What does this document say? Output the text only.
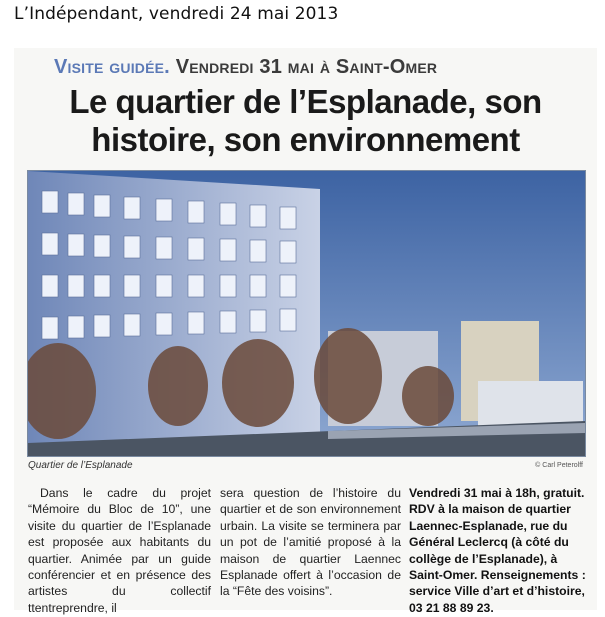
L’Indépendant, vendredi 24 mai 2013
Visite guidée. Vendredi 31 mai à Saint-Omer
Le quartier de l’Esplanade, son
histoire, son environnement
Quartier de l’Esplanade	© Carl Peterolff
Dans le cadre du projet “Mémoire du Bloc de 10”, une visite du quartier de l’Esplanade est proposée aux habitants du quartier. Animée par un guide conférencier et en présence des artistes du collectif ttentreprendre, il
sera question de l’histoire du quartier et de son environnement urbain. La visite se terminera par un pot de l’amitié proposé à la maison de quartier Laennec Esplanade offert à l’occasion de la “Fête des voisins”.
Vendredi 31 mai à 18h, gratuit. RDV à la maison de quartier Laennec-Esplanade, rue du Général Leclercq (à côté du collège de l’Esplanade), à Saint-Omer. Renseignements : service Ville d’art et d’histoire, 03 21 88 89 23.
